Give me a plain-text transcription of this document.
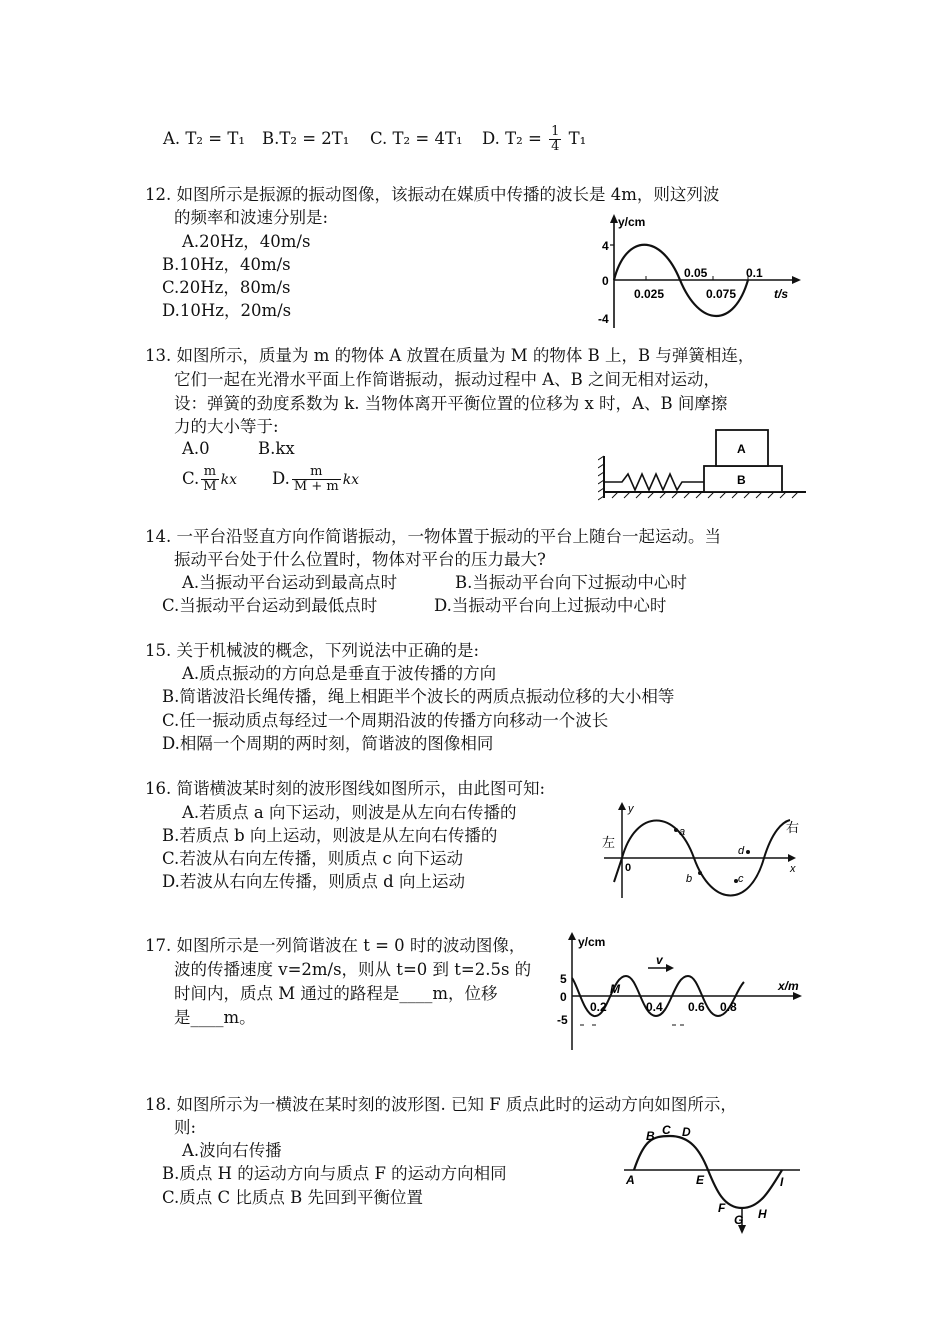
A. T₂ = T₁ B.T₂ = 2T₁ C. T₂ = 4T₁ D. $T_2 = \frac{1}{4} T_1$
12. 如图所示是振源的振动图像，该振动在媒质中传播的波长是 4m，则这列波
的频率和波速分别是:
A.20Hz，40m/s
B.10Hz，40m/s
C.20Hz，80m/s
D.10Hz，20m/s
y/cm
t/s
4
-4
0
0.025
0.05
0.075
0.1
13. 如图所示，质量为 m 的物体 A 放置在质量为 M 的物体 B 上，B 与弹簧相连，
它们一起在光滑水平面上作简谐振动，振动过程中 A、B 之间无相对运动，
设：弹簧的劲度系数为 k. 当物体离开平衡位置的位移为 x 时，A、B 间摩擦
力的大小等于:
A.0	B.kx
C. $\frac{m}{M}$ kx D. $\frac{m}{M + m}$ kx
A
B
14. 一平台沿竖直方向作简谐振动，一物体置于振动的平台上随台一起运动。当
振动平台处于什么位置时，物体对平台的压力最大?
A.当振动平台运动到最高点时	B.当振动平台向下过振动中心时
C.当振动平台运动到最低点时	D.当振动平台向上过振动中心时
15. 关于机械波的概念，下列说法中正确的是:
A.质点振动的方向总是垂直于波传播的方向
B.简谐波沿长绳传播，绳上相距半个波长的两质点振动位移的大小相等
C.任一振动质点每经过一个周期沿波的传播方向移动一个波长
D.相隔一个周期的两时刻，简谐波的图像相同
16. 简谐横波某时刻的波形图线如图所示，由此图可知:
A.若质点 a 向下运动，则波是从左向右传播的
B.若质点 b 向上运动，则波是从左向右传播的
C.若波从右向左传播，则质点 c 向下运动
D.若波从右向左传播，则质点 d 向上运动
左
右
y
x
0
a
b	c
d
17. 如图所示是一列简谐波在 t = 0 时的波动图像，
波的传播速度 v=2m/s，则从 t=0 到 t=2.5s 的
时间内，质点 M 通过的路程是____m，位移
是____m。
y/cm
x/m
5
-5
0
v
M
0.2	0.4 0.6 0.8
18. 如图所示为一横波在某时刻的波形图. 已知 F 质点此时的运动方向如图所示，
则:
A.波向右传播
B.质点 H 的运动方向与质点 F 的运动方向相同
C.质点 C 比质点 B 先回到平衡位置
A
B C D
E
F
G H
I
